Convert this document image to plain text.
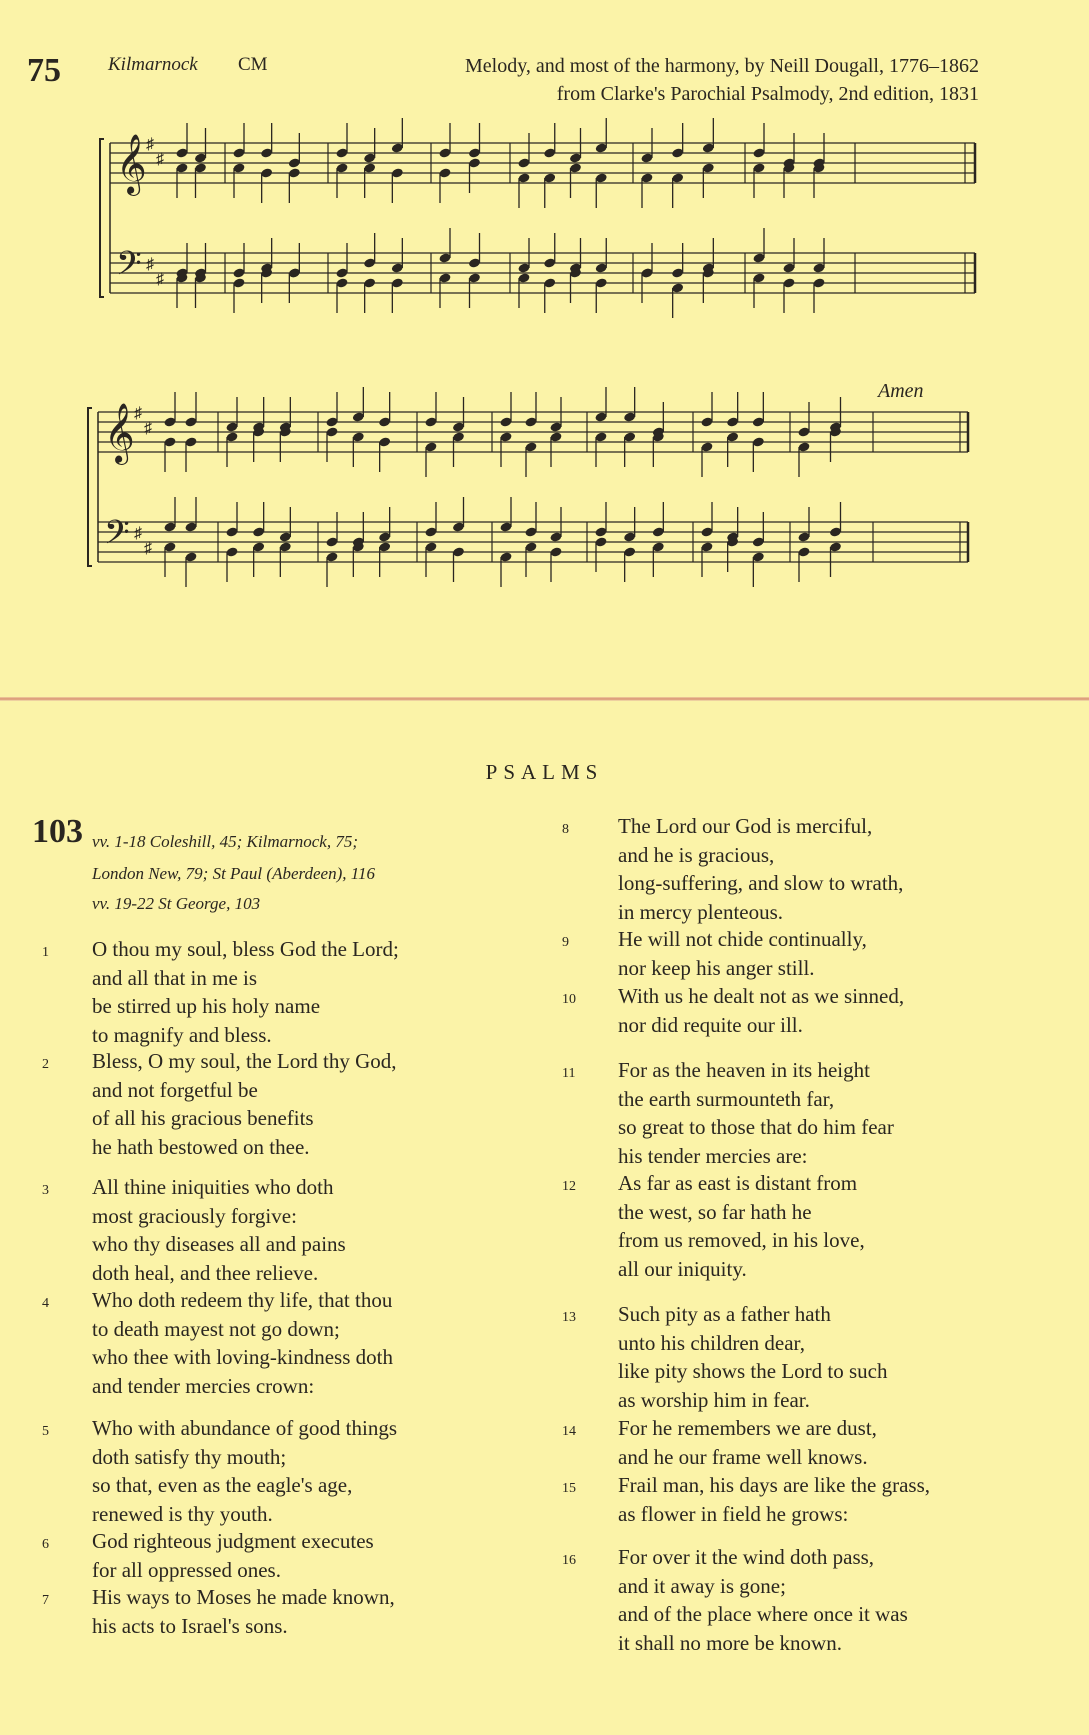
75 Kilmarnock CM	Melody, and most of the harmony, by Neill Dougall, 1776–1862
from Clarke's Parochial Psalmody, 2nd edition, 1831
𝄞
𝄢
♯
♯
♯
♯
𝄞
𝄢
♯
♯
♯
♯
Amen
PSALMS
103 vv. 1-18 Coleshill, 45; Kilmarnock, 75;
London New, 79; St Paul (Aberdeen), 116
vv. 19-22 St George, 103
1 O thou my soul, bless God the Lord;
and all that in me is
be stirred up his holy name
to magnify and bless.
2 Bless, O my soul, the Lord thy God,
and not forgetful be
of all his gracious benefits
he hath bestowed on thee.
3 All thine iniquities who doth
most graciously forgive:
who thy diseases all and pains
doth heal, and thee relieve.
4 Who doth redeem thy life, that thou
to death mayest not go down;
who thee with loving-kindness doth
and tender mercies crown:
5 Who with abundance of good things
doth satisfy thy mouth;
so that, even as the eagle's age,
renewed is thy youth.
6 God righteous judgment executes
for all oppressed ones.
7 His ways to Moses he made known,
his acts to Israel's sons.
8 The Lord our God is merciful,
and he is gracious,
long-suffering, and slow to wrath,
in mercy plenteous.
9 He will not chide continually,
nor keep his anger still.
10 With us he dealt not as we sinned,
nor did requite our ill.
11 For as the heaven in its height
the earth surmounteth far,
so great to those that do him fear
his tender mercies are:
12 As far as east is distant from
the west, so far hath he
from us removed, in his love,
all our iniquity.
13 Such pity as a father hath
unto his children dear,
like pity shows the Lord to such
as worship him in fear.
14 For he remembers we are dust,
and he our frame well knows.
15 Frail man, his days are like the grass,
as flower in field he grows:
16 For over it the wind doth pass,
and it away is gone;
and of the place where once it was
it shall no more be known.
